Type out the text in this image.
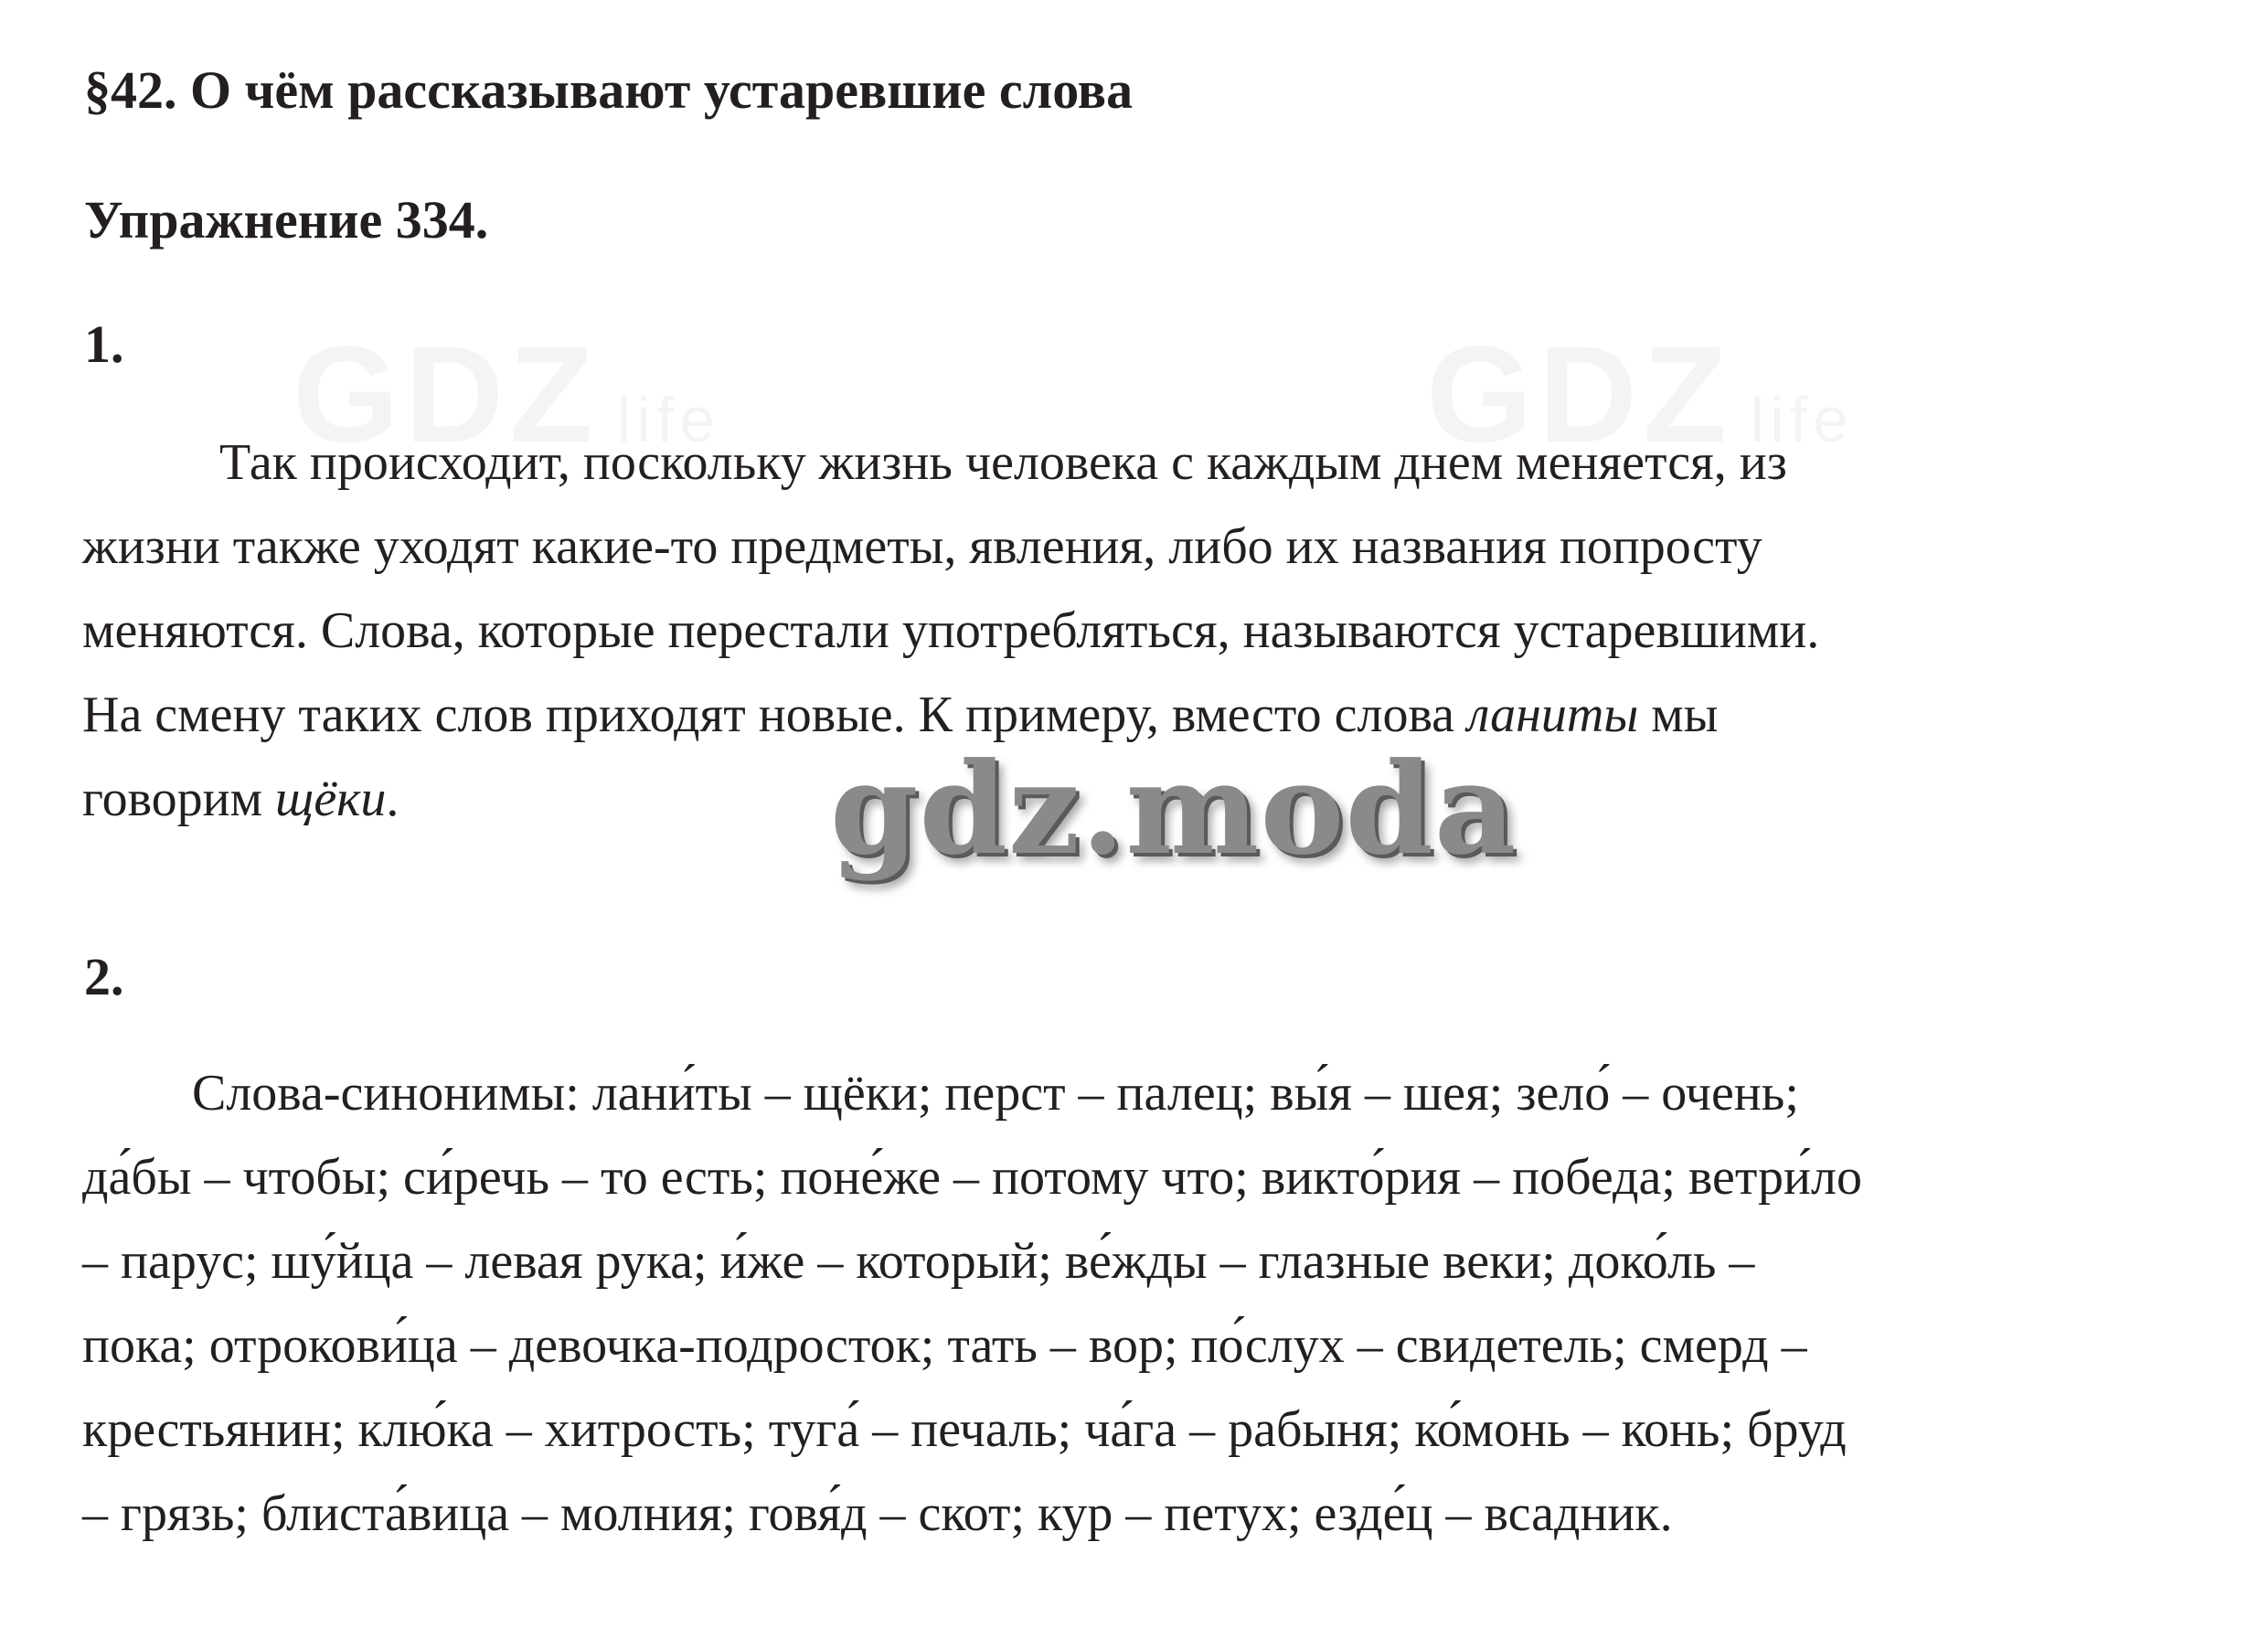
GDZ life	GDZ life
§42. О чём рассказывают устаревшие слова
Упражнение 334.
1.
Так происходит, поскольку жизнь человека с каждым днем меняется, из
жизни также уходят какие-то предметы, явления, либо их названия попросту
меняются. Слова, которые перестали употребляться, называются устаревшими.
На смену таких слов приходят новые. К примеру, вместо слова ланиты мы
говорим щёки.
2.
Слова-синонимы: лани́ты – щёки; перст – палец; вы́я – шея; зело́ – очень;
да́бы – чтобы; си́речь – то есть; поне́же – потому что; викто́рия – победа; ветри́ло
– парус; шу́йца – левая рука; и́же – который; ве́жды – глазные веки; доко́ль –
пока; отрокови́ца – девочка-подросток; тать – вор; по́слух – свидетель; смерд –
крестьянин; клю́ка – хитрость; туга́ – печаль; ча́га – рабыня; ко́монь – конь; бруд
– грязь; блиста́вица – молния; говя́д – скот; кур – петух; езде́ц – всадник.
gdz.moda
